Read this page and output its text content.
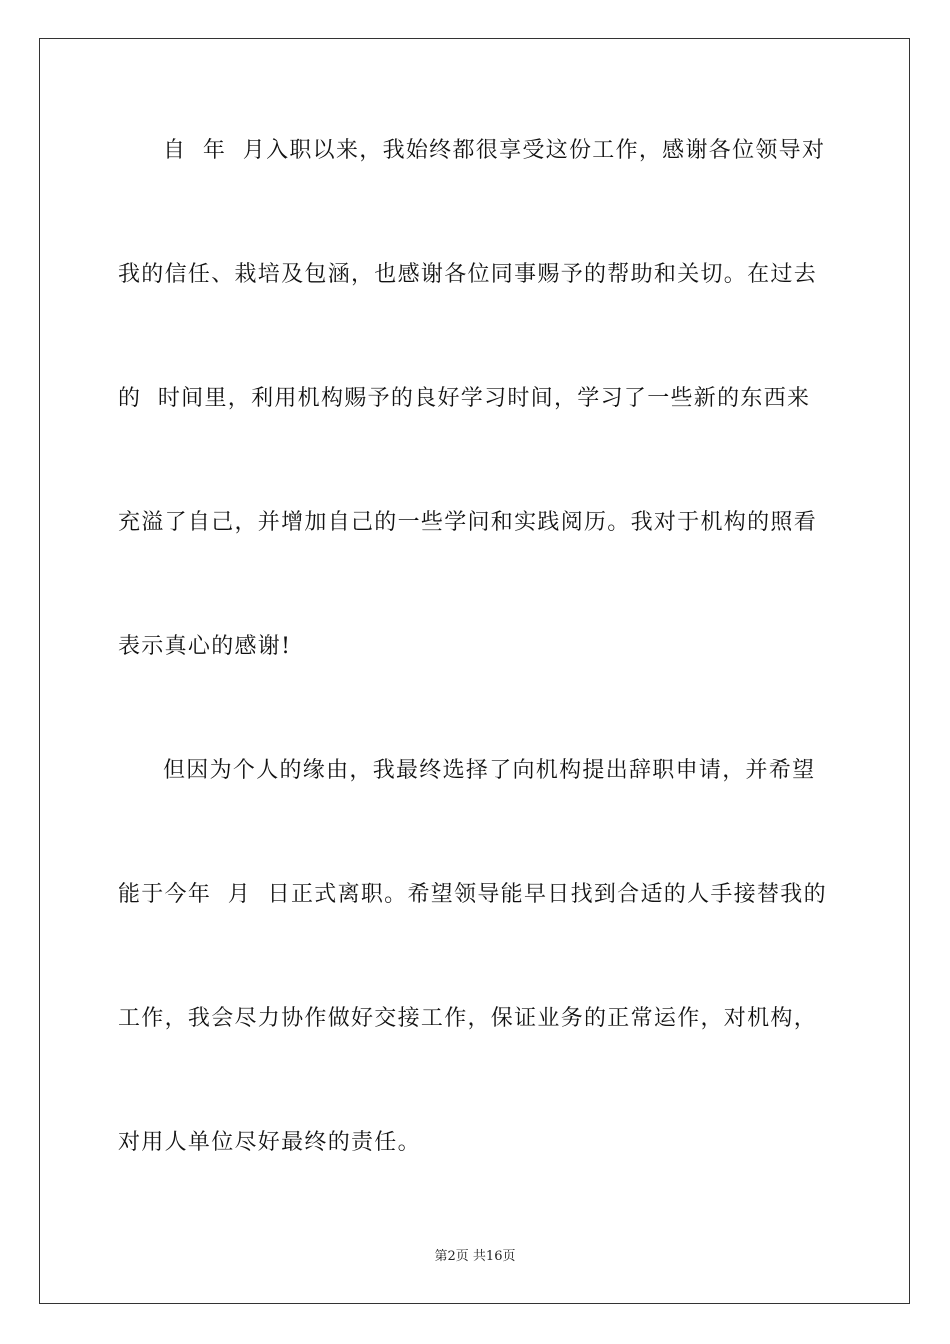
自  年  月入职以来，我始终都很享受这份工作，感谢各位领导对
我的信任、栽培及包涵，也感谢各位同事赐予的帮助和关切。在过去
的  时间里，利用机构赐予的良好学习时间，学习了一些新的东西来
充溢了自己，并增加自己的一些学问和实践阅历。我对于机构的照看
表示真心的感谢!
但因为个人的缘由，我最终选择了向机构提出辞职申请，并希望
能于今年  月  日正式离职。希望领导能早日找到合适的人手接替我的
工作，我会尽力协作做好交接工作，保证业务的正常运作，对机构，
对用人单位尽好最终的责任。
第2页 共16页
